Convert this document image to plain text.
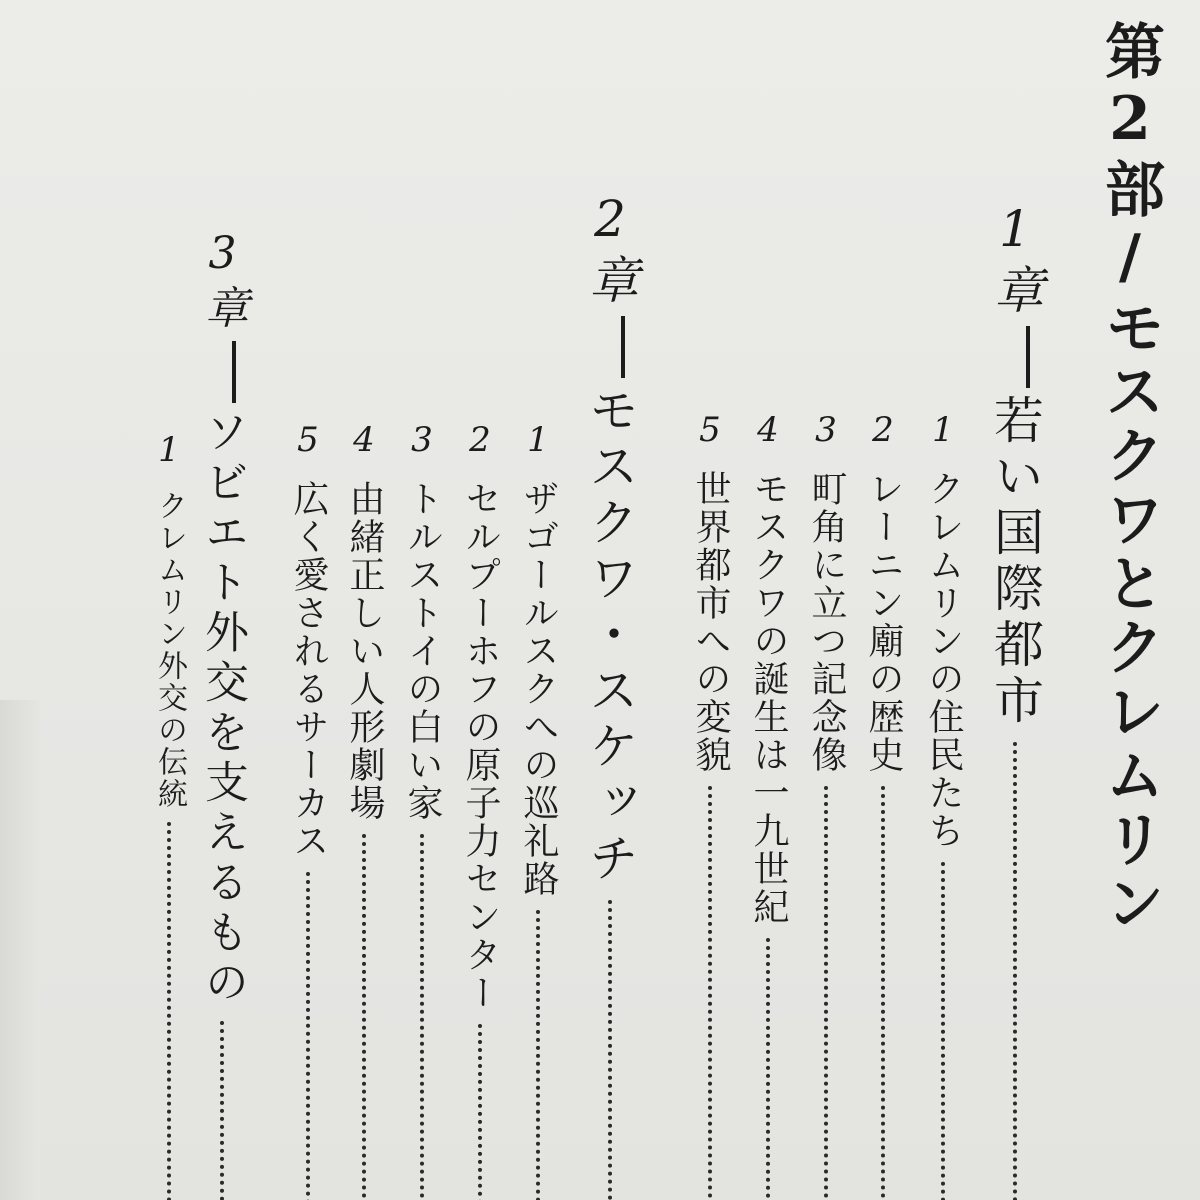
第2部/モスクワとクレムリン
1章若い国際都市
1クレムリンの住民たち
2レーニン廟の歴史
3町角に立つ記念像
4モスクワの誕生は一九世紀
5世界都市への変貌
2章モスクワ・スケッチ
1ザゴールスクへの巡礼路
2セルプーホフの原子力センター
3トルストイの白い家
4由緒正しい人形劇場
5広く愛されるサーカス
3章ソビエト外交を支えるもの
1クレムリン外交の伝統
